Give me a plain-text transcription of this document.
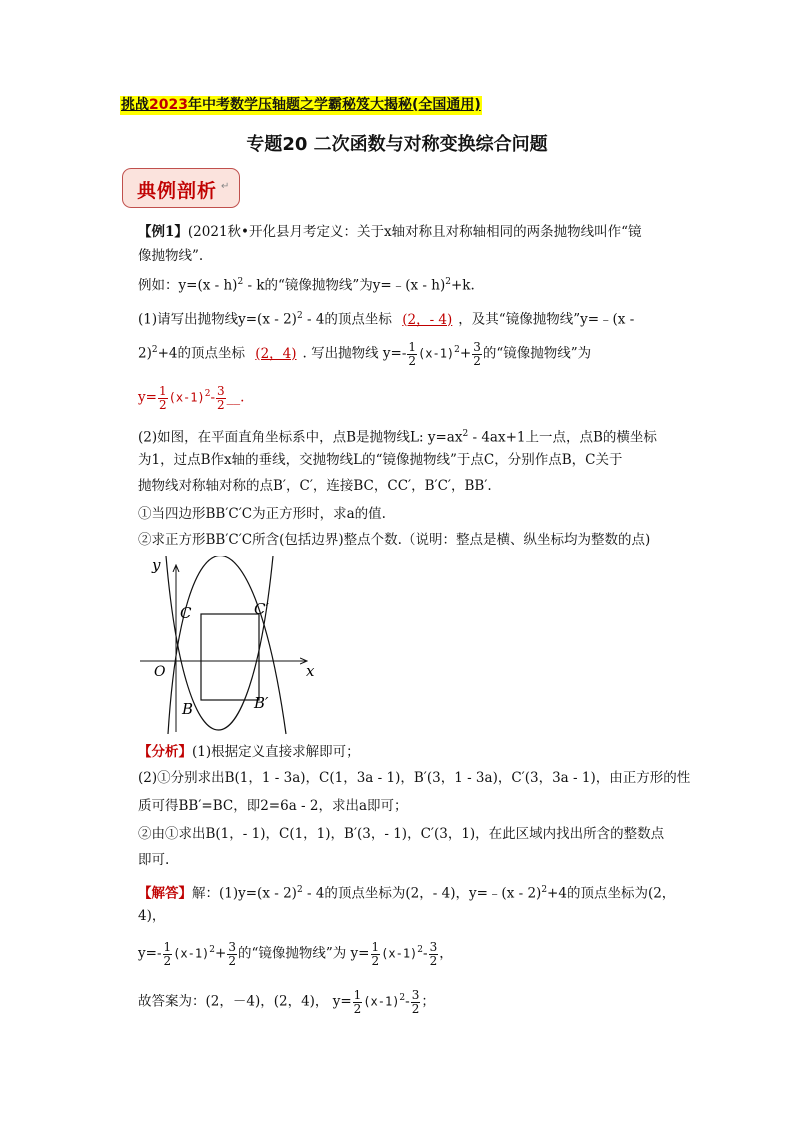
挑战2023年中考数学压轴题之学霸秘笈大揭秘(全国通用)
专题20 二次函数与对称变换综合问题
典例剖析 ↵
【例1】(2021秋•开化县月考定义：关于x轴对称且对称轴相同的两条抛物线叫作“镜
像抛物线”.
例如：y=(x - h)$^2$ - k的“镜像抛物线”为y=﹣(x - h)$^2$+k.
(1)请写出抛物线y=(x - 2)$^2$ - 4的顶点坐标 (2，- 4) ，及其“镜像抛物线”y=﹣(x -
2)$^2$+4的顶点坐标 (2，4) . 写出抛物线 $y=- \frac{1}{2} (x-1)^2+ \frac{3}{2}$ 的“镜像抛物线”为
$y= \frac{1}{2} (x-1)^2- \frac{3}{2}$ __.
(2)如图，在平面直角坐标系中，点B是抛物线L: $y=ax^2 - 4ax+1$上一点，点B的横坐标
为1，过点B作x轴的垂线，交抛物线L的“镜像抛物线”于点C，分别作点B，C关于
抛物线对称轴对称的点B′，C′，连接BC，CC′，B′C′，BB′.
①当四边形BB′C′C为正方形时，求a的值.
②求正方形BB′C′C所含(包括边界)整点个数.（说明：整点是横、纵坐标均为整数的点)
y
x
O
C	C′
B	B′
【分析】(1)根据定义直接求解即可；
(2)①分别求出B(1，1 - 3a)，C(1，3a - 1)，B′(3，1 - 3a)，C′(3，3a - 1)，由正方形的性
质可得BB′=BC，即2=6a - 2，求出a即可；
②由①求出B(1，- 1)，C(1，1)，B′(3，- 1)，C′(3，1)，在此区域内找出所含的整数点
即可.
【解答】解：(1)y=(x - 2)$^2$ - 4的顶点坐标为(2，- 4)，y=﹣(x - 2)$^2$+4的顶点坐标为(2，
4)，
$y=- \frac{1}{2} (x-1)^2+ \frac{3}{2}$ 的“镜像抛物线”为 $y= \frac{1}{2} (x-1)^2- \frac{3}{2}$ ，
故答案为：(2，－4)，(2，4)， $y= \frac{1}{2} (x-1)^2- \frac{3}{2}$ ；
